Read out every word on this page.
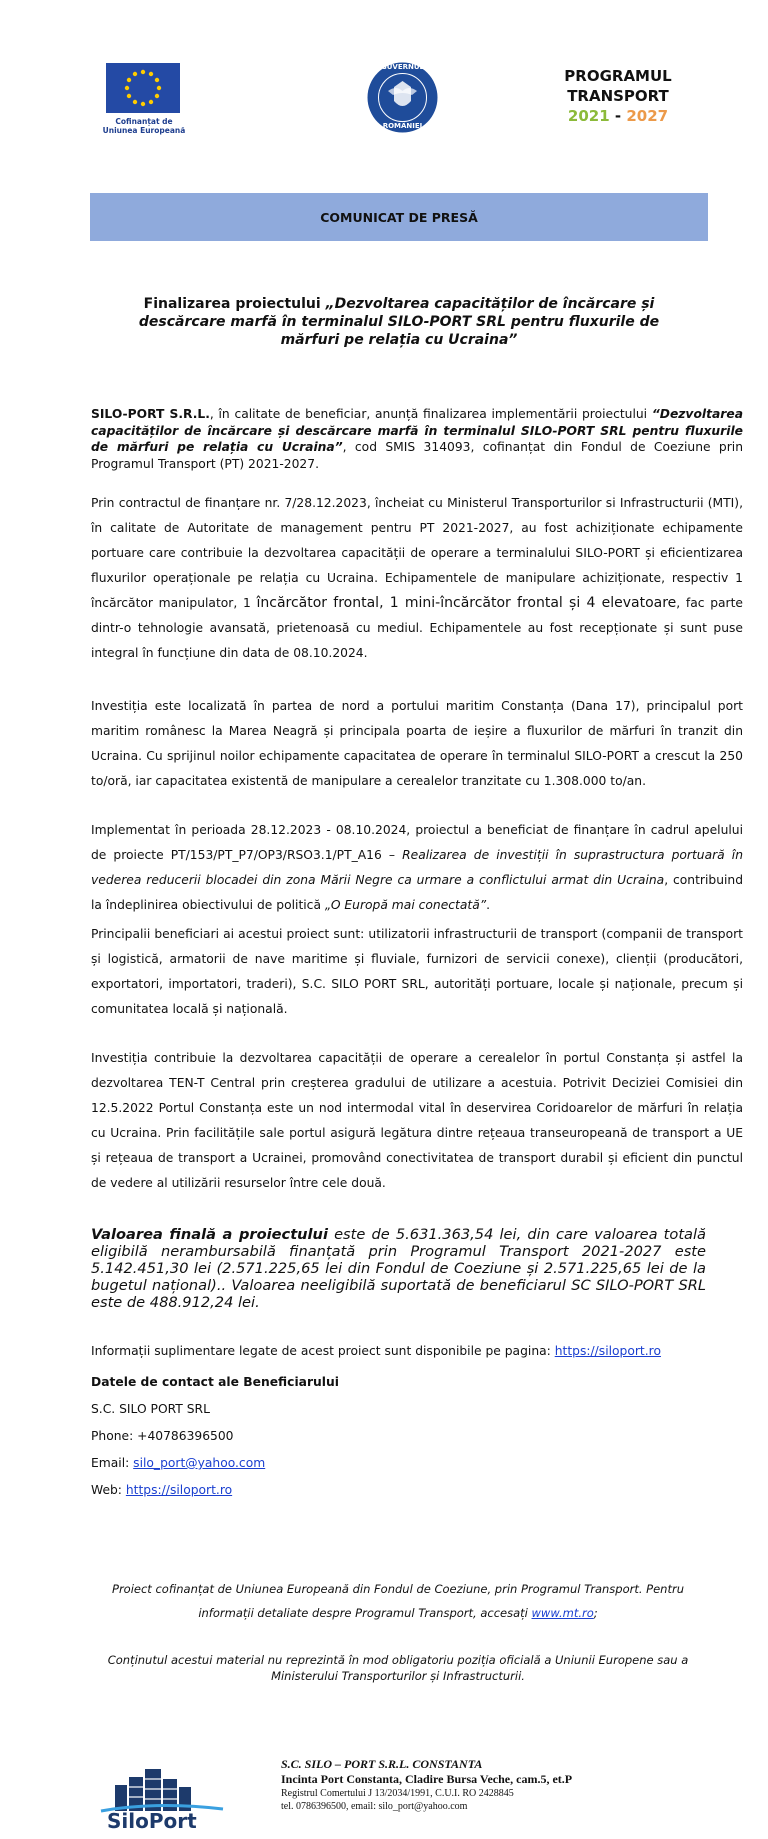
Cofinanțat de
Uniunea Europeană
GUVERNUL
ROMÂNIEI
PROGRAMUL
TRANSPORT
2021 - 2027
COMUNICAT DE PRESĂ
Finalizarea proiectului „Dezvoltarea capacităților de încărcare și descărcare marfă în terminalul SILO-PORT SRL pentru fluxurile de mărfuri pe relația cu Ucraina”
SILO-PORT S.R.L., în calitate de beneficiar, anunță finalizarea implementării proiectului “Dezvoltarea capacităților de încărcare și descărcare marfă în terminalul SILO-PORT SRL pentru fluxurile de mărfuri pe relația cu Ucraina”, cod SMIS 314093, cofinanțat din Fondul de Coeziune prin Programul Transport (PT) 2021-2027.
Prin contractul de finanțare nr. 7/28.12.2023, încheiat cu Ministerul Transporturilor si Infrastructurii (MTI), în calitate de Autoritate de management pentru PT 2021-2027, au fost achiziționate echipamente portuare care contribuie la dezvoltarea capacității de operare a terminalului SILO-PORT și eficientizarea fluxurilor operaționale pe relația cu Ucraina. Echipamentele de manipulare achiziționate, respectiv 1 încărcător manipulator, 1 încărcător frontal, 1 mini-încărcător frontal și 4 elevatoare, fac parte dintr-o tehnologie avansată, prietenoasă cu mediul. Echipamentele au fost recepționate și sunt puse integral în funcțiune din data de 08.10.2024.
Investiția este localizată în partea de nord a portului maritim Constanța (Dana 17), principalul port maritim românesc la Marea Neagră și principala poarta de ieșire a fluxurilor de mărfuri în tranzit din Ucraina. Cu sprijinul noilor echipamente capacitatea de operare în terminalul SILO-PORT a crescut la 250 to/oră, iar capacitatea existentă de manipulare a cerealelor tranzitate cu 1.308.000 to/an.
Implementat în perioada 28.12.2023 - 08.10.2024, proiectul a beneficiat de finanțare în cadrul apelului de proiecte PT/153/PT_P7/OP3/RSO3.1/PT_A16 – Realizarea de investiții în suprastructura portuară în vederea reducerii blocadei din zona Mării Negre ca urmare a conflictului armat din Ucraina, contribuind la îndeplinirea obiectivului de politică „O Europă mai conectată”.
Principalii beneficiari ai acestui proiect sunt: utilizatorii infrastructurii de transport (companii de transport și logistică, armatorii de nave maritime și fluviale, furnizori de servicii conexe), clienții (producători, exportatori, importatori, traderi), S.C. SILO PORT SRL, autorități portuare, locale și naționale, precum și comunitatea locală și națională.
Investiția contribuie la dezvoltarea capacității de operare a cerealelor în portul Constanța și astfel la dezvoltarea TEN-T Central prin creșterea gradului de utilizare a acestuia. Potrivit Deciziei Comisiei din 12.5.2022 Portul Constanța este un nod intermodal vital în deservirea Coridoarelor de mărfuri în relația cu Ucraina. Prin facilitățile sale portul asigură legătura dintre rețeaua transeuropeană de transport a UE și rețeaua de transport a Ucrainei, promovând conectivitatea de transport durabil și eficient din punctul de vedere al utilizării resurselor între cele două.
Valoarea finală a proiectului este de 5.631.363,54 lei, din care valoarea totală eligibilă nerambursabilă finanțată prin Programul Transport 2021-2027 este 5.142.451,30 lei (2.571.225,65 lei din Fondul de Coeziune și 2.571.225,65 lei de la bugetul național).. Valoarea neeligibilă suportată de beneficiarul SC SILO-PORT SRL este de 488.912,24 lei.
Informații suplimentare legate de acest proiect sunt disponibile pe pagina: https://siloport.ro
Datele de contact ale Beneficiarului
S.C. SILO PORT SRL
Phone: +40786396500
Email: silo_port@yahoo.com
Web: https://siloport.ro
Proiect cofinanțat de Uniunea Europeană din Fondul de Coeziune, prin Programul Transport. Pentru informații detaliate despre Programul Transport, accesați www.mt.ro;
Conținutul acestui material nu reprezintă în mod obligatoriu poziția oficială a Uniunii Europene sau a Ministerului Transporturilor și Infrastructurii.
SiloPort
S.C. SILO – PORT S.R.L. CONSTANTA
Incinta Port Constanta, Cladire Bursa Veche, cam.5, et.P
Registrul Comertului J 13/2034/1991, C.U.I. RO 2428845
tel. 0786396500, email: silo_port@yahoo.com
